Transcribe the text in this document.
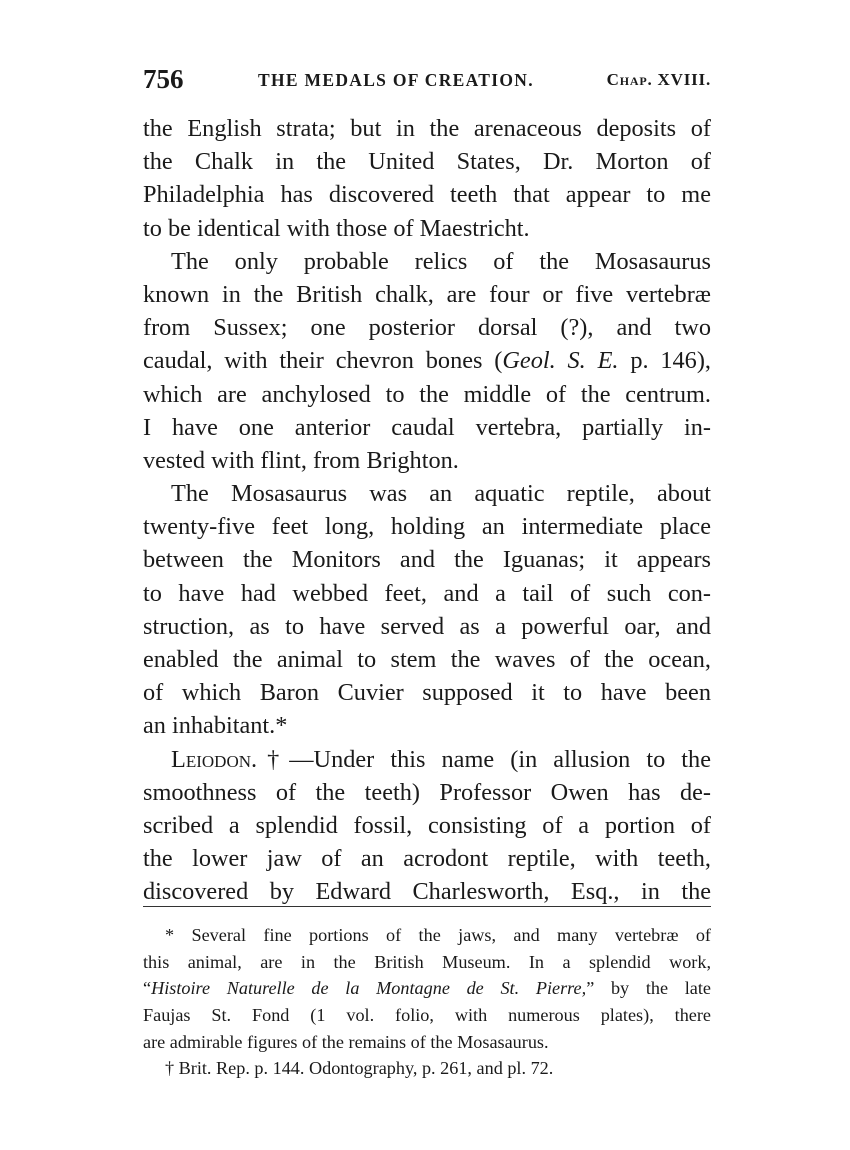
756	THE MEDALS OF CREATION.	Chap. XVIII.
the English strata; but in the arenaceous deposits of
the Chalk in the United States, Dr. Morton of
Philadelphia has discovered teeth that appear to me
to be identical with those of Maestricht.
The only probable relics of the Mosasaurus
known in the British chalk, are four or five vertebræ
from Sussex; one posterior dorsal (?), and two
caudal, with their chevron bones (Geol. S. E. p. 146),
which are anchylosed to the middle of the centrum.
I have one anterior caudal vertebra, partially in-
vested with flint, from Brighton.
The Mosasaurus was an aquatic reptile, about
twenty-five feet long, holding an intermediate place
between the Monitors and the Iguanas; it appears
to have had webbed feet, and a tail of such con-
struction, as to have served as a powerful oar, and
enabled the animal to stem the waves of the ocean,
of which Baron Cuvier supposed it to have been
an inhabitant.*
Leiodon.†—Under this name (in allusion to the
smoothness of the teeth) Professor Owen has de-
scribed a splendid fossil, consisting of a portion of
the lower jaw of an acrodont reptile, with teeth,
discovered by Edward Charlesworth, Esq., in the
* Several fine portions of the jaws, and many vertebræ of
this animal, are in the British Museum. In a splendid work,
“Histoire Naturelle de la Montagne de St. Pierre,” by the late
Faujas St. Fond (1 vol. folio, with numerous plates), there
are admirable figures of the remains of the Mosasaurus.
† Brit. Rep. p. 144. Odontography, p. 261, and pl. 72.
